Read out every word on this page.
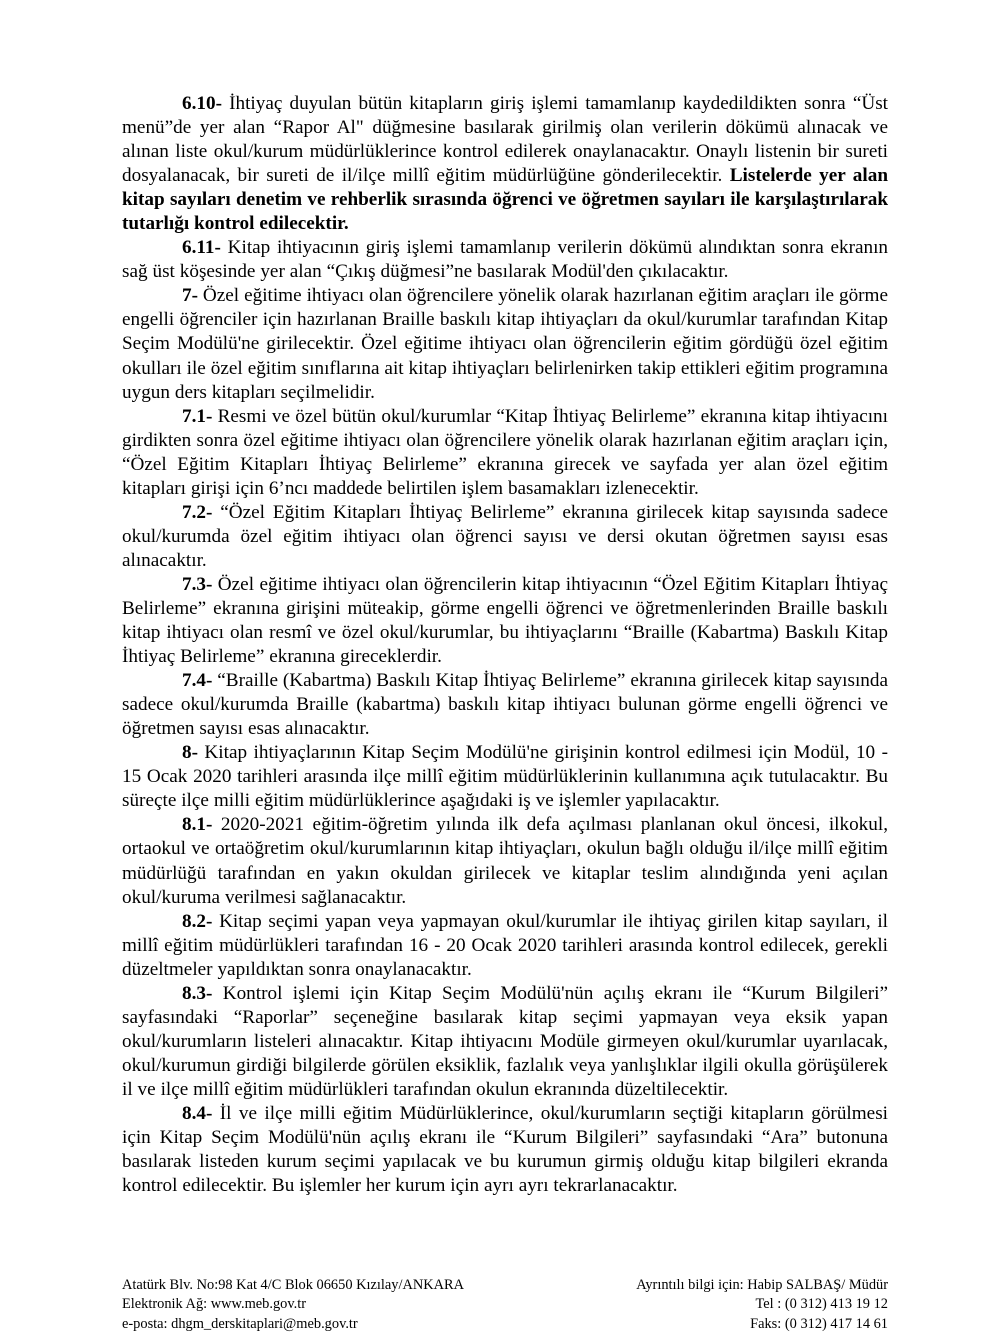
6.10- İhtiyaç duyulan bütün kitapların giriş işlemi tamamlanıp kaydedildikten sonra “Üst menü”de yer alan “Rapor Al" düğmesine basılarak girilmiş olan verilerin dökümü alınacak ve alınan liste okul/kurum müdürlüklerince kontrol edilerek onaylanacaktır. Onaylı listenin bir sureti dosyalanacak, bir sureti de il/ilçe millî eğitim müdürlüğüne gönderilecektir. Listelerde yer alan kitap sayıları denetim ve rehberlik sırasında öğrenci ve öğretmen sayıları ile karşılaştırılarak tutarlığı kontrol edilecektir.

6.11- Kitap ihtiyacının giriş işlemi tamamlanıp verilerin dökümü alındıktan sonra ekranın sağ üst köşesinde yer alan “Çıkış düğmesi”ne basılarak Modül'den çıkılacaktır.

7- Özel eğitime ihtiyacı olan öğrencilere yönelik olarak hazırlanan eğitim araçları ile görme engelli öğrenciler için hazırlanan Braille baskılı kitap ihtiyaçları da okul/kurumlar tarafından Kitap Seçim Modülü'ne girilecektir. Özel eğitime ihtiyacı olan öğrencilerin eğitim gördüğü özel eğitim okulları ile özel eğitim sınıflarına ait kitap ihtiyaçları belirlenirken takip ettikleri eğitim programına uygun ders kitapları seçilmelidir.

7.1- Resmi ve özel bütün okul/kurumlar “Kitap İhtiyaç Belirleme” ekranına kitap ihtiyacını girdikten sonra özel eğitime ihtiyacı olan öğrencilere yönelik olarak hazırlanan eğitim araçları için, “Özel Eğitim Kitapları İhtiyaç Belirleme” ekranına girecek ve sayfada yer alan özel eğitim kitapları girişi için 6’ncı maddede belirtilen işlem basamakları izlenecektir.

7.2- “Özel Eğitim Kitapları İhtiyaç Belirleme” ekranına girilecek kitap sayısında sadece okul/kurumda özel eğitim ihtiyacı olan öğrenci sayısı ve dersi okutan öğretmen sayısı esas alınacaktır.

7.3- Özel eğitime ihtiyacı olan öğrencilerin kitap ihtiyacının “Özel Eğitim Kitapları İhtiyaç Belirleme” ekranına girişini müteakip, görme engelli öğrenci ve öğretmenlerinden Braille baskılı kitap ihtiyacı olan resmî ve özel okul/kurumlar, bu ihtiyaçlarını “Braille (Kabartma) Baskılı Kitap İhtiyaç Belirleme” ekranına gireceklerdir.

7.4- “Braille (Kabartma) Baskılı Kitap İhtiyaç Belirleme” ekranına girilecek kitap sayısında sadece okul/kurumda Braille (kabartma) baskılı kitap ihtiyacı bulunan görme engelli öğrenci ve öğretmen sayısı esas alınacaktır.

8- Kitap ihtiyaçlarının Kitap Seçim Modülü'ne girişinin kontrol edilmesi için Modül, 10 - 15 Ocak 2020 tarihleri arasında ilçe millî eğitim müdürlüklerinin kullanımına açık tutulacaktır. Bu süreçte ilçe milli eğitim müdürlüklerince aşağıdaki iş ve işlemler yapılacaktır.

8.1- 2020-2021 eğitim-öğretim yılında ilk defa açılması planlanan okul öncesi, ilkokul, ortaokul ve ortaöğretim okul/kurumlarının kitap ihtiyaçları, okulun bağlı olduğu il/ilçe millî eğitim müdürlüğü tarafından en yakın okuldan girilecek ve kitaplar teslim alındığında yeni açılan okul/kuruma verilmesi sağlanacaktır.

8.2- Kitap seçimi yapan veya yapmayan okul/kurumlar ile ihtiyaç girilen kitap sayıları, il millî eğitim müdürlükleri tarafından 16 - 20 Ocak 2020 tarihleri arasında kontrol edilecek, gerekli düzeltmeler yapıldıktan sonra onaylanacaktır.

8.3- Kontrol işlemi için Kitap Seçim Modülü'nün açılış ekranı ile “Kurum Bilgileri” sayfasındaki “Raporlar” seçeneğine basılarak kitap seçimi yapmayan veya eksik yapan okul/kurumların listeleri alınacaktır. Kitap ihtiyacını Modüle girmeyen okul/kurumlar uyarılacak, okul/kurumun girdiği bilgilerde görülen eksiklik, fazlalık veya yanlışlıklar ilgili okulla görüşülerek il ve ilçe millî eğitim müdürlükleri tarafından okulun ekranında düzeltilecektir.

8.4- İl ve ilçe milli eğitim Müdürlüklerince, okul/kurumların seçtiği kitapların görülmesi için Kitap Seçim Modülü'nün açılış ekranı ile “Kurum Bilgileri” sayfasındaki “Ara” butonuna basılarak listeden kurum seçimi yapılacak ve bu kurumun girmiş olduğu kitap bilgileri ekranda kontrol edilecektir. Bu işlemler her kurum için ayrı ayrı tekrarlanacaktır.

Atatürk Blv. No:98 Kat 4/C Blok 06650 Kızılay/ANKARA
Elektronik Ağ: www.meb.gov.tr
e-posta: dhgm_derskitaplari@meb.gov.tr
Ayrıntılı bilgi için: Habip SALBAŞ/ Müdür
Tel : (0 312) 413 19 12
Faks: (0 312) 417 14 61
